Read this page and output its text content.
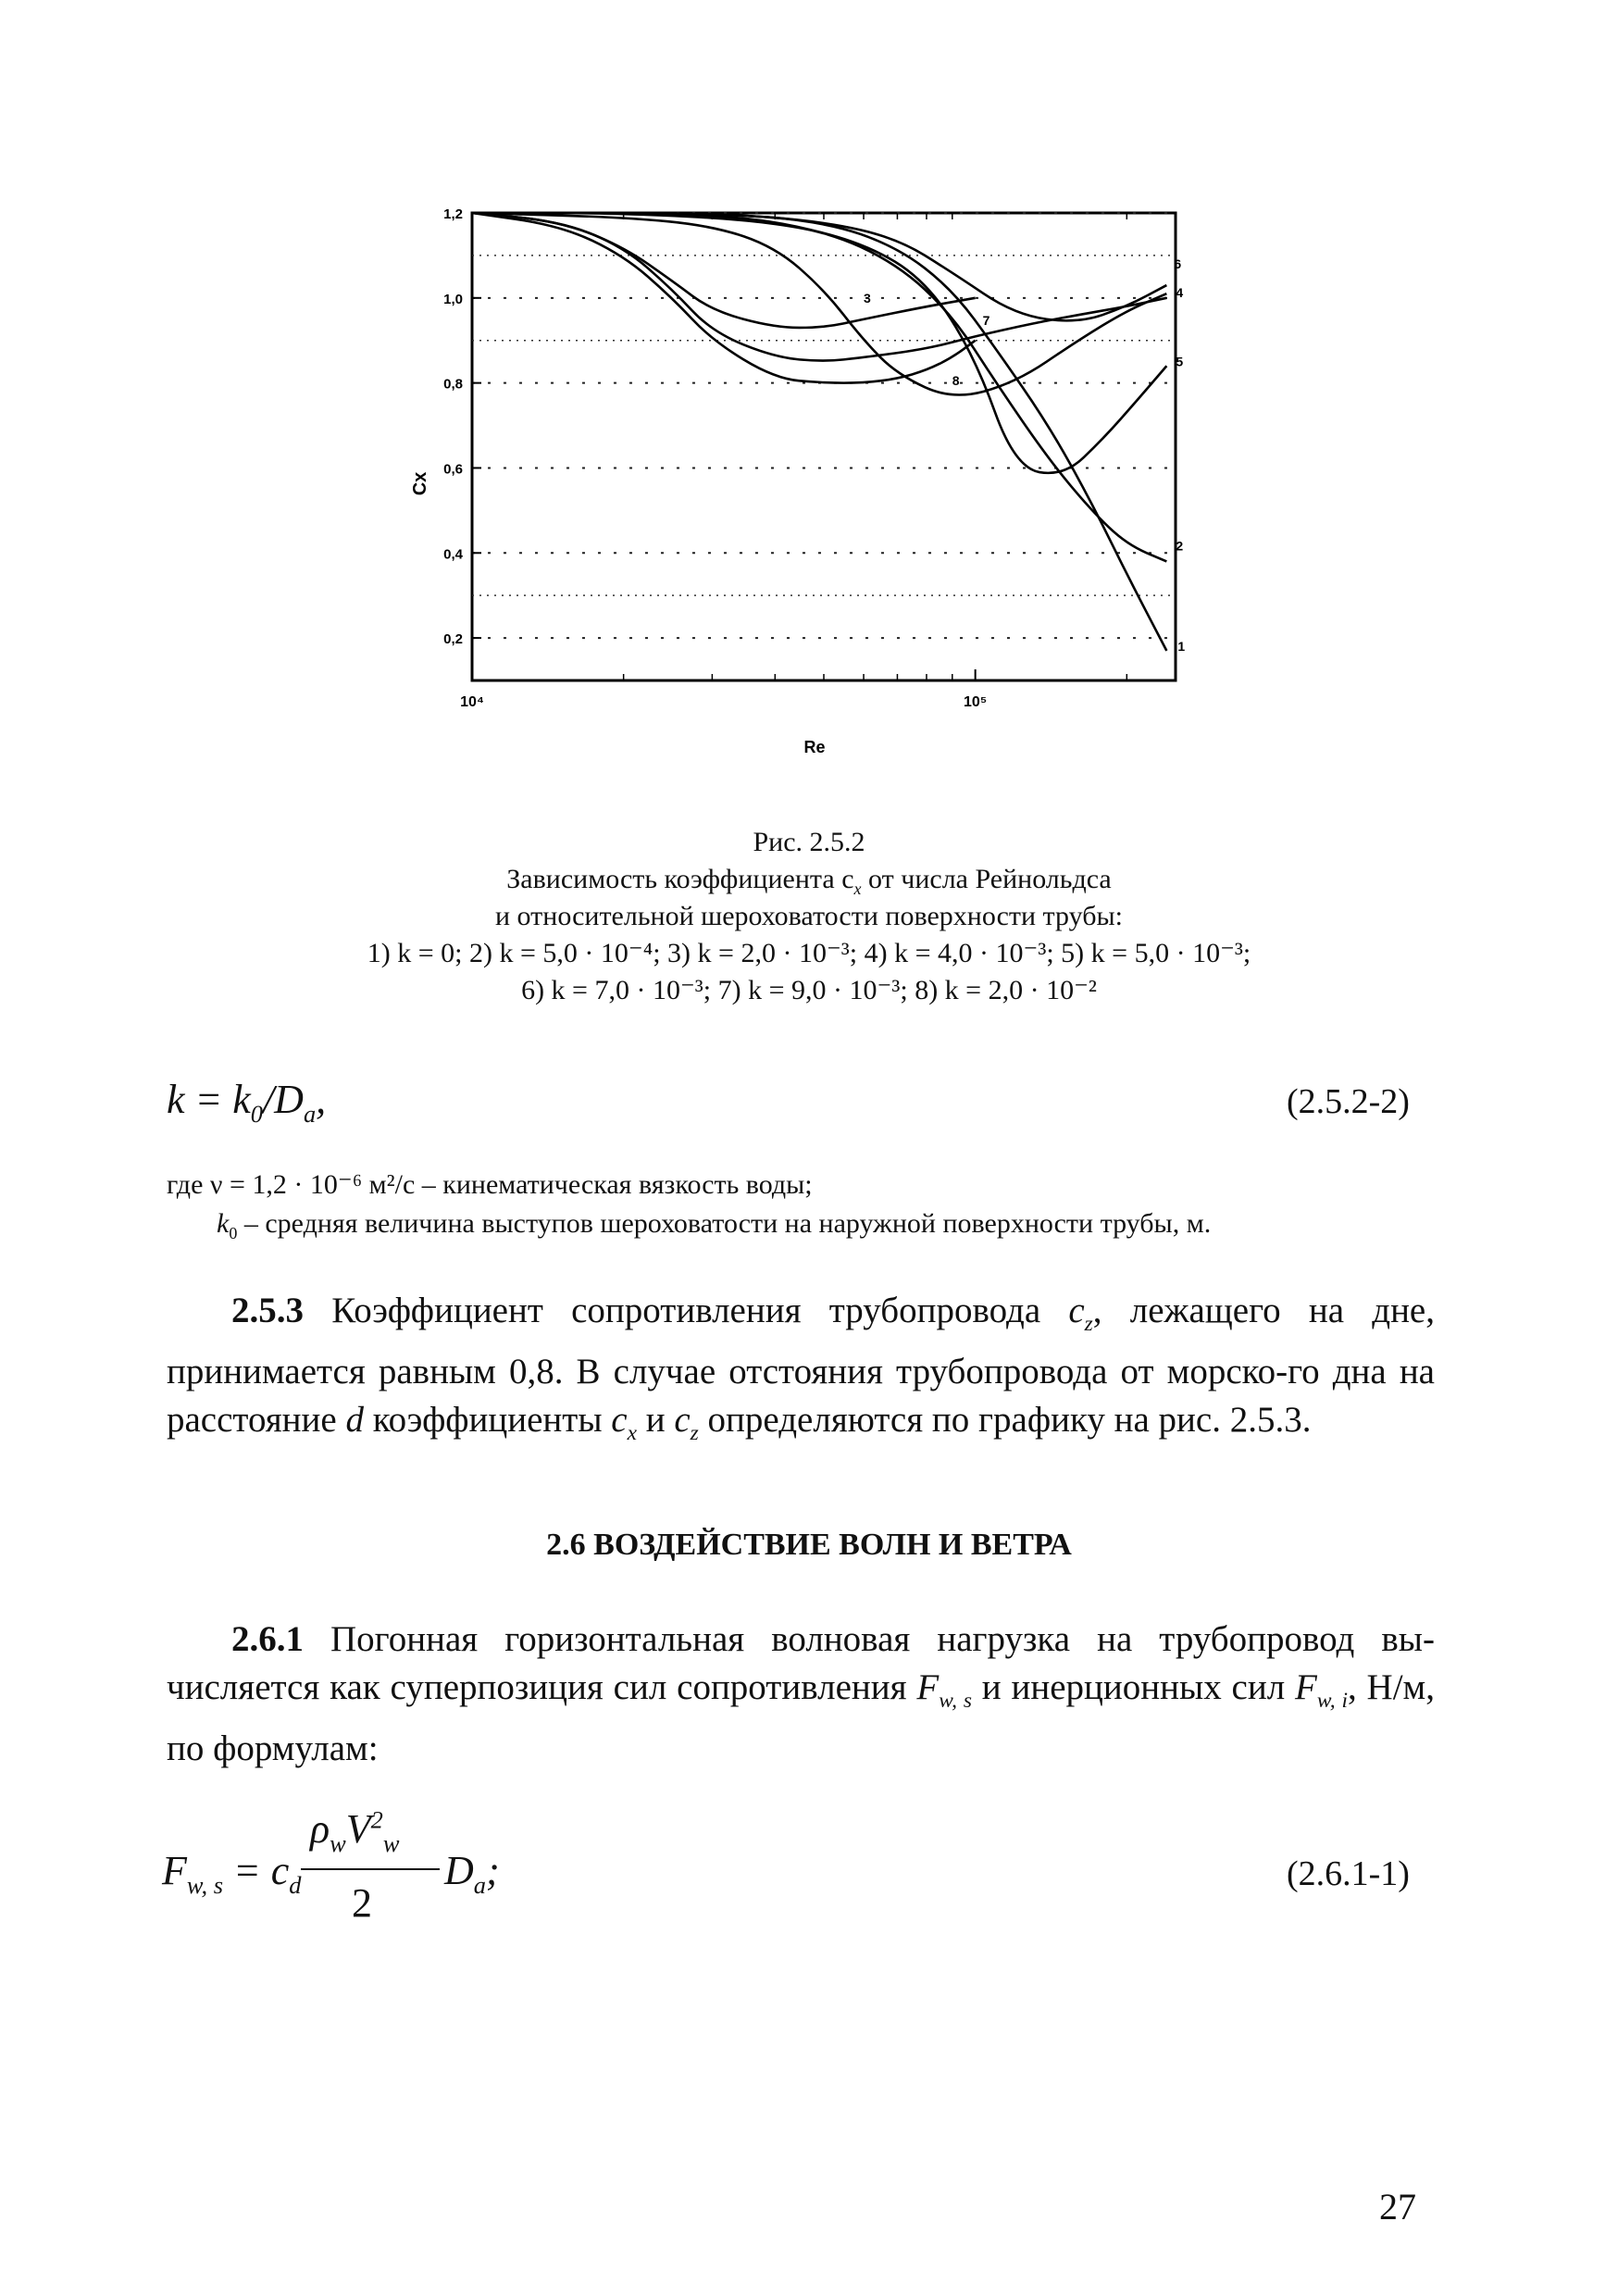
1
2
3	4
5
6
7
8
1,2
1,0
0,8
0,6
0,4
0,2
10⁴	10⁵
Re
Cx
Рис. 2.5.2
Зависимость коэффициента $c_x$ от числа Рейнольдса
и относительной шероховатости поверхности трубы:
1) k = 0; 2) k = 5,0 · 10⁻⁴; 3) k = 2,0 · 10⁻³; 4) k = 4,0 · 10⁻³; 5) k = 5,0 · 10⁻³;
6) k = 7,0 · 10⁻³; 7) k = 9,0 · 10⁻³; 8) k = 2,0 · 10⁻²
$k = k_0/D_a$,	(2.5.2-2)
где ν = 1,2 · 10⁻⁶ м²/с – кинематическая вязкость воды;
$k_0$ – средняя величина выступов шероховатости на наружной поверхности трубы, м.
2.5.3 Коэффициент сопротивления трубопровода $c_z$, лежащего на дне, принимается равным 0,8. В случае отстояния трубопровода от морско-го дна на расстояние d коэффициенты $c_x$ и $c_z$ определяются по графику на рис. 2.5.3.
2.6 ВОЗДЕЙСТВИЕ ВОЛН И ВЕТРА
2.6.1 Погонная горизонтальная волновая нагрузка на трубопровод вы-числяется как суперпозиция сил сопротивления $F_{w, s}$ и инерционных сил $F_{w, i}$, Н/м, по формулам:
$F_{w, s} = c_d$
$\rho_wV^2_w$
2
$D_a$;	(2.6.1-1)
27
